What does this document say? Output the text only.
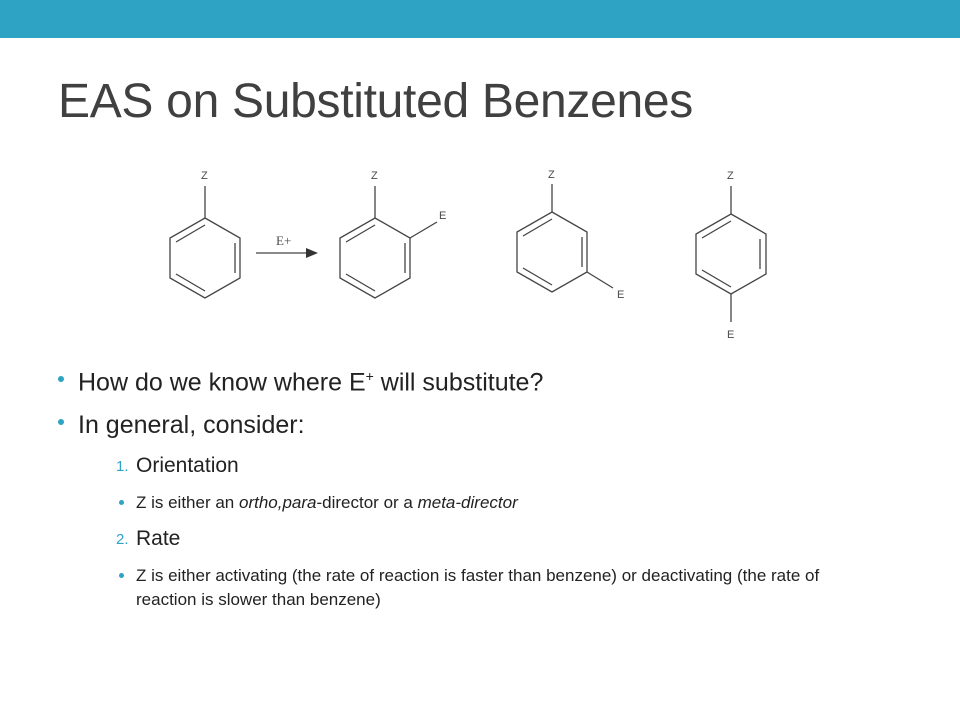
EAS on Substituted Benzenes
Z	Z	Z	Z
E
E
E
E+
How do we know where E+ will substitute?
In general, consider:
1. Orientation
Z is either an ortho,para-director or a meta-director
2. Rate
Z is either activating (the rate of reaction is faster than benzene) or deactivating (the rate of reaction is slower than benzene)
